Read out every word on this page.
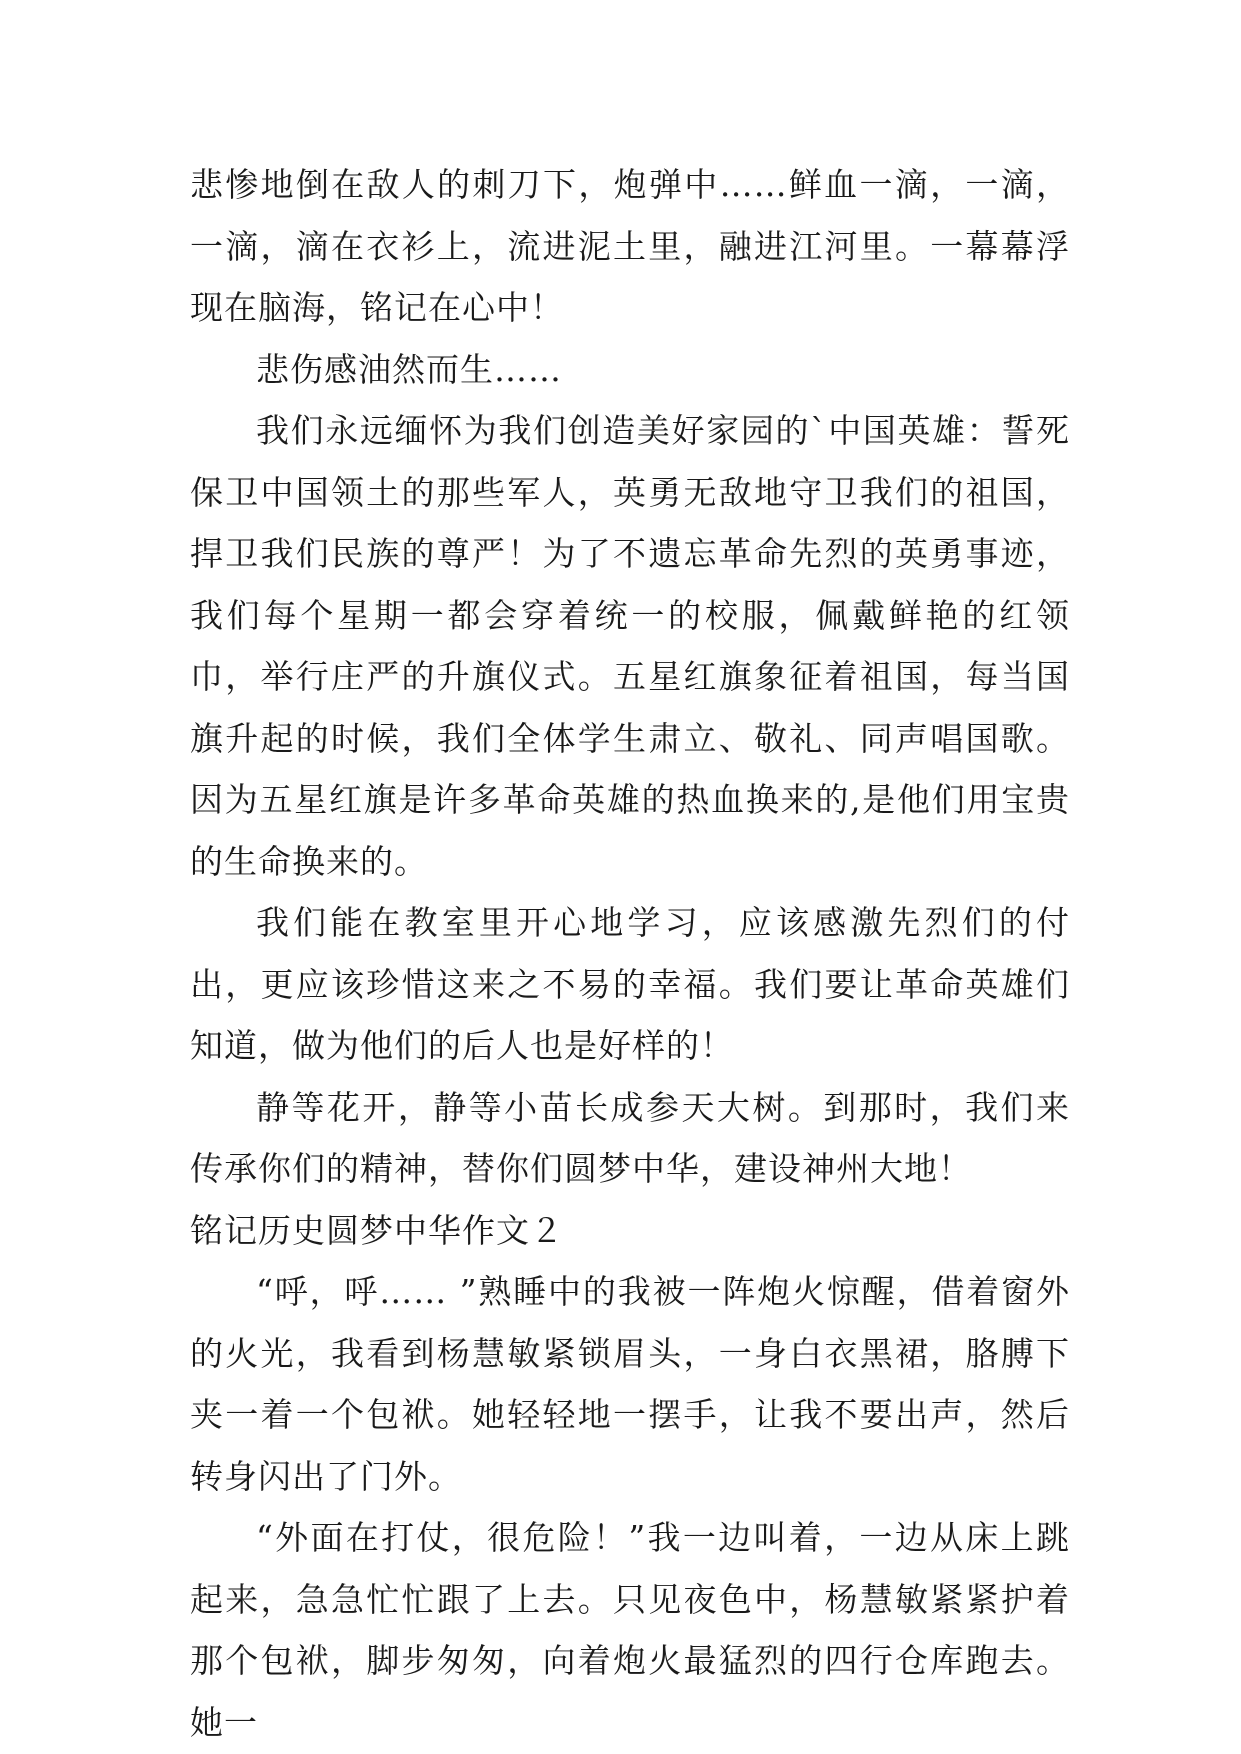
悲惨地倒在敌人的刺刀下，炮弹中……鲜血一滴，一滴，一滴，滴在衣衫上，流进泥土里，融进江河里。一幕幕浮现在脑海，铭记在心中！

悲伤感油然而生……

我们永远缅怀为我们创造美好家园的`中国英雄：誓死保卫中国领土的那些军人，英勇无敌地守卫我们的祖国，捍卫我们民族的尊严！为了不遗忘革命先烈的英勇事迹，我们每个星期一都会穿着统一的校服，佩戴鲜艳的红领巾，举行庄严的升旗仪式。五星红旗象征着祖国，每当国旗升起的时候，我们全体学生肃立、敬礼、同声唱国歌。因为五星红旗是许多革命英雄的热血换来的,是他们用宝贵的生命换来的。

我们能在教室里开心地学习，应该感激先烈们的付出，更应该珍惜这来之不易的幸福。我们要让革命英雄们知道，做为他们的后人也是好样的！

静等花开，静等小苗长成参天大树。到那时，我们来传承你们的精神，替你们圆梦中华，建设神州大地！

铭记历史圆梦中华作文２

“呼，呼…… ”熟睡中的我被一阵炮火惊醒，借着窗外的火光，我看到杨慧敏紧锁眉头，一身白衣黑裙，胳膊下夹一着一个包袱。她轻轻地一摆手，让我不要出声，然后转身闪出了门外。

“外面在打仗，很危险！”我一边叫着，一边从床上跳起来，急急忙忙跟了上去。只见夜色中，杨慧敏紧紧护着那个包袱，脚步匆匆，向着炮火最猛烈的四行仓库跑去。她一
